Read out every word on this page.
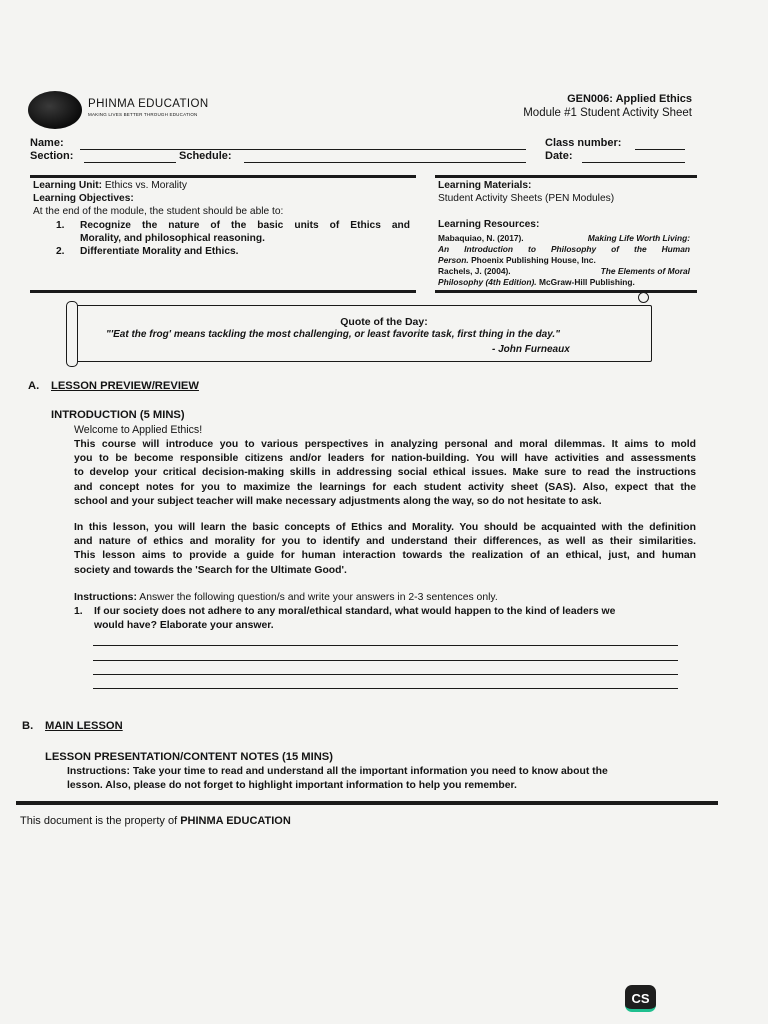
PHINMA EDUCATION
MAKING LIVES BETTER THROUGH EDUCATION
GEN006: Applied Ethics
Module #1 Student Activity Sheet
Name:
Section:	Schedule:
Class number:
Date:
Learning Unit: Ethics vs. Morality
Learning Objectives:
At the end of the module, the student should be able to:
1. Recognize the nature of the basic units of Ethics and
Morality, and philosophical reasoning.
2. Differentiate Morality and Ethics.
Learning Materials:
Student Activity Sheets (PEN Modules)
Learning Resources:
Mabaquiao, N. (2017).	Making Life Worth Living:
An Introduction to Philosophy of the Human
Person. Phoenix Publishing House, Inc.
Rachels, J. (2004).	The Elements of Moral
Philosophy (4th Edition). McGraw-Hill Publishing.
Quote of the Day:
"'Eat the frog' means tackling the most challenging, or least favorite task, first thing in the day."
- John Furneaux
A. LESSON PREVIEW/REVIEW
INTRODUCTION (5 MINS)
Welcome to Applied Ethics!
This course will introduce you to various perspectives in analyzing personal and moral dilemmas. It aims to mold
you to be become responsible citizens and/or leaders for nation-building. You will have activities and assessments
to develop your critical decision-making skills in addressing social ethical issues. Make sure to read the instructions
and concept notes for you to maximize the learnings for each student activity sheet (SAS). Also, expect that the
school and your subject teacher will make necessary adjustments along the way, so do not hesitate to ask.
In this lesson, you will learn the basic concepts of Ethics and Morality. You should be acquainted with the definition
and nature of ethics and morality for you to identify and understand their differences, as well as their similarities.
This lesson aims to provide a guide for human interaction towards the realization of an ethical, just, and human
society and towards the 'Search for the Ultimate Good'.
Instructions: Answer the following question/s and write your answers in 2-3 sentences only.
1. If our society does not adhere to any moral/ethical standard, what would happen to the kind of leaders we
would have? Elaborate your answer.
B. MAIN LESSON
LESSON PRESENTATION/CONTENT NOTES (15 MINS)
Instructions: Take your time to read and understand all the important information you need to know about the
lesson. Also, please do not forget to highlight important information to help you remember.
This document is the property of PHINMA EDUCATION
CS
